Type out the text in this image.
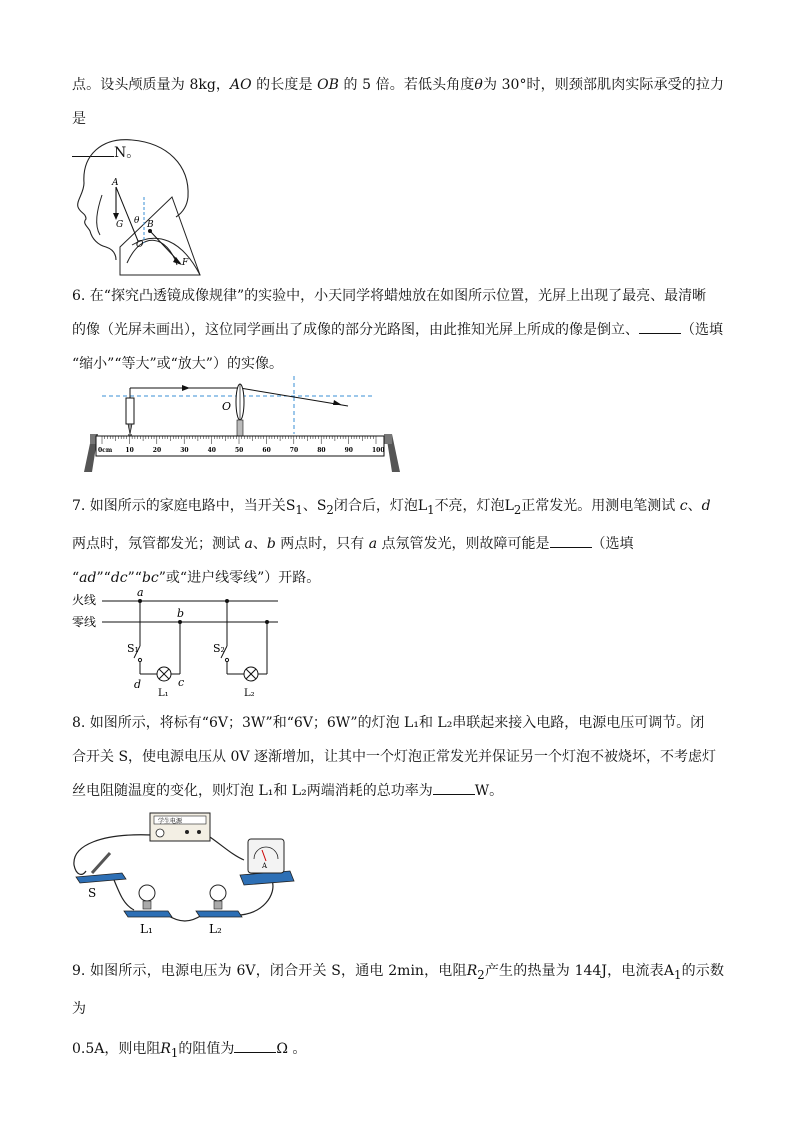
点。设头颅质量为 8kg，AO 的长度是 OB 的 5 倍。若低头角度θ为 30°时，则颈部肌肉实际承受的拉力是

N。

A
G θ B
O
F

6. 在“探究凸透镜成像规律”的实验中，小天同学将蜡烛放在如图所示位置，光屏上出现了最亮、最清晰

的像（光屏未画出），这位同学画出了成像的部分光路图，由此推知光屏上所成的像是倒立、	（选填

“缩小”“等大”或“放大”）的实像。

O
0cm 10	20	30	40	50	60	70	80	90	100

7. 如图所示的家庭电路中，当开关$S_1$、$S_2$闭合后，灯泡$L_1$不亮，灯泡$L_2$正常发光。用测电笔测试 c、d

两点时，氖管都发光；测试 a、b 两点时，只有 a 点氖管发光，则故障可能是	（选填

“ad”“dc”“bc”或“进户线零线”）开路。

火线
零线
a
b
S₁
d	c
L₁
S₂
L₂

8. 如图所示，将标有“6V；3W”和“6V；6W”的灯泡 L₁和 L₂串联起来接入电路，电源电压可调节。闭

合开关 S，使电源电压从 0V 逐渐增加，让其中一个灯泡正常发光并保证另一个灯泡不被烧坏，不考虑灯

丝电阻随温度的变化，则灯泡 L₁和 L₂两端消耗的总功率为	W。

学生电源
S
L₁	L₂
A

9. 如图所示，电源电压为 6V，闭合开关 S，通电 2min，电阻$R_2$产生的热量为 144J，电流表$A_1$的示数为

0.5A，则电阻$R_1$的阻值为	Ω 。
